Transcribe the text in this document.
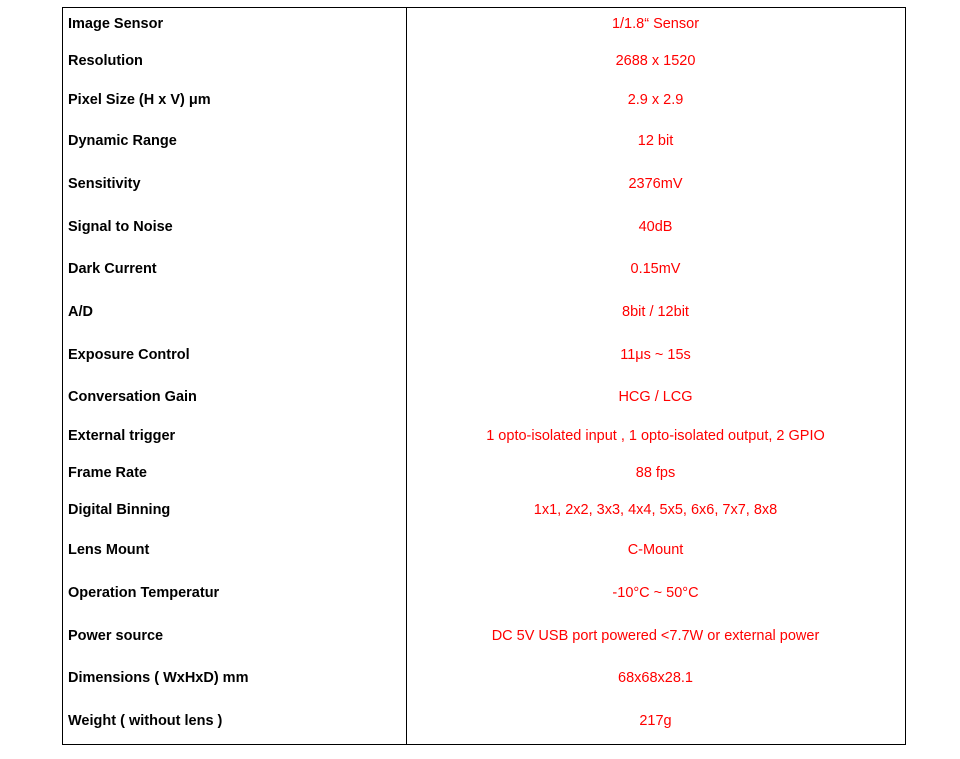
Image Sensor	1/1.8“ Sensor
Resolution	2688 x 1520
Pixel Size (H x V) μm	2.9 x 2.9
Dynamic Range	12 bit
Sensitivity	2376mV
Signal to Noise	40dB
Dark Current	0.15mV
A/D	8bit / 12bit
Exposure Control	11μs ~ 15s
Conversation Gain	HCG / LCG
External trigger	1 opto-isolated input , 1 opto-isolated output, 2 GPIO
Frame Rate	88 fps
Digital Binning	1x1, 2x2, 3x3, 4x4, 5x5, 6x6, 7x7, 8x8
Lens Mount	C-Mount
Operation Temperatur	-10°C ~ 50°C
Power source	DC 5V USB port powered <7.7W or external power
Dimensions ( WxHxD) mm	68x68x28.1
Weight ( without lens )	217g
